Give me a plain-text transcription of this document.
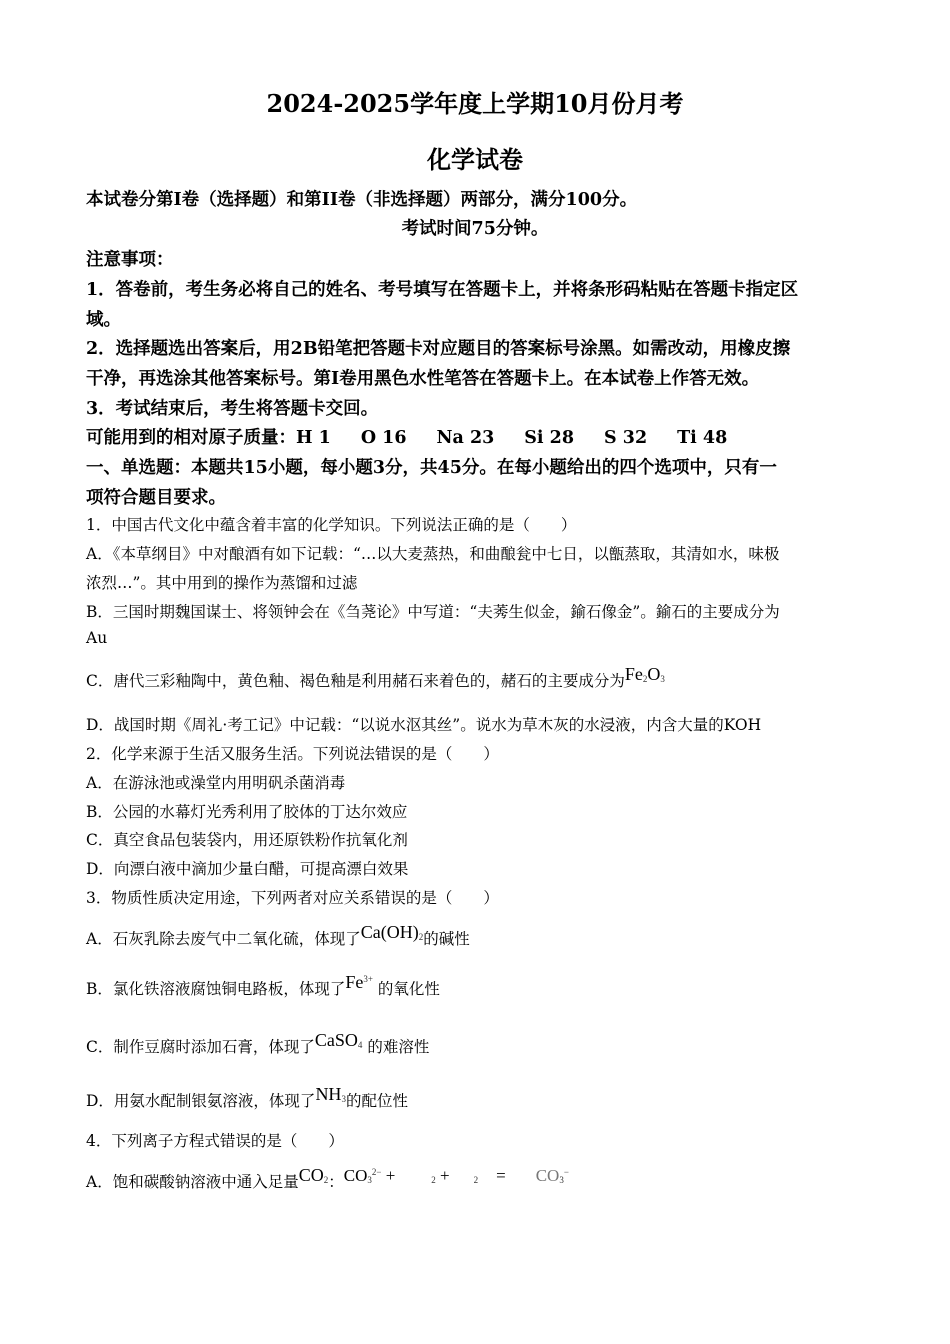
2024-2025学年度上学期10月份月考
化学试卷
本试卷分第I卷（选择题）和第II卷（非选择题）两部分，满分100分。
考试时间75分钟。
注意事项：
1．答卷前，考生务必将自己的姓名、考号填写在答题卡上，并将条形码粘贴在答题卡指定区
域。
2．选择题选出答案后，用2B铅笔把答题卡对应题目的答案标号涂黑。如需改动，用橡皮擦
干净，再选涂其他答案标号。第I卷用黑色水性笔答在答题卡上。在本试卷上作答无效。
3．考试结束后，考生将答题卡交回。
可能用到的相对原子质量：H 1 O 16 Na 23 Si 28 S 32 Ti 48
一、单选题：本题共15小题，每小题3分，共45分。在每小题给出的四个选项中，只有一
项符合题目要求。
1．中国古代文化中蕴含着丰富的化学知识。下列说法正确的是（　　）
A．《本草纲目》中对酿酒有如下记载：“…以大麦蒸热，和曲酿瓮中七日，以甑蒸取，其清如水，味极
浓烈…”。其中用到的操作为蒸馏和过滤
B．三国时期魏国谋士、将领钟会在《刍荛论》中写道：“夫莠生似金，鍮石像金”。鍮石的主要成分为
Au
C．唐代三彩釉陶中，黄色釉、褐色釉是利用赭石来着色的，赭石的主要成分为$Fe_2O_3$
D．战国时期《周礼·考工记》中记载：“以说水沤其丝”。说水为草木灰的水浸液，内含大量的KOH
2．化学来源于生活又服务生活。下列说法错误的是（　　）
A．在游泳池或澡堂内用明矾杀菌消毒
B．公园的水幕灯光秀利用了胶体的丁达尔效应
C．真空食品包装袋内，用还原铁粉作抗氧化剂
D．向漂白液中滴加少量白醋，可提高漂白效果
3．物质性质决定用途，下列两者对应关系错误的是（　　）
A．石灰乳除去废气中二氧化硫，体现了$Ca(OH)_2$的碱性
B．氯化铁溶液腐蚀铜电路板，体现了$Fe^{3+}$ 的氧化性
C．制作豆腐时添加石膏，体现了CaSO$_4$ 的难溶性
D．用氨水配制银氨溶液，体现了$NH_3$的配位性
4．下列离子方程式错误的是（　　）
A．饱和碳酸钠溶液中通入足量$CO_2$：$CO_3^{2-}$ +	$_2$ +	$_2 = CO_3^-$
